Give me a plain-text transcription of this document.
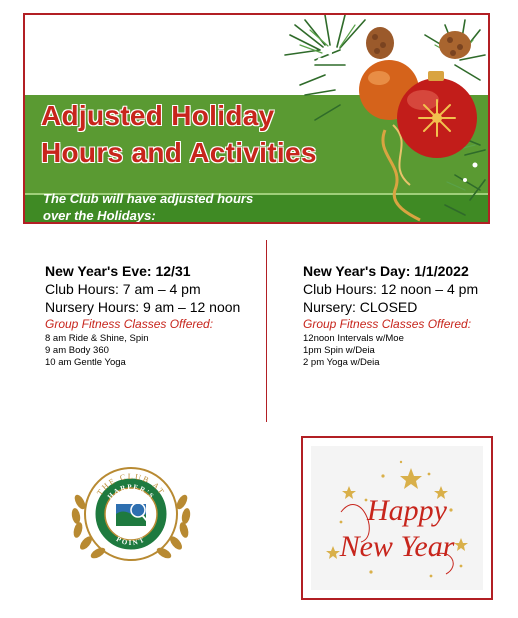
Adjusted Holiday
Hours and Activities
The Club will have adjusted hours
over the Holidays:
New Year's Eve: 12/31
Club Hours: 7 am – 4 pm
Nursery Hours: 9 am – 12 noon
Group Fitness Classes Offered:
8 am Ride & Shine, Spin
9 am Body 360
10 am Gentle Yoga
New Year's Day: 1/1/2022
Club Hours: 12 noon – 4 pm
Nursery: CLOSED
Group Fitness Classes Offered:
12noon Intervals w/Moe
1pm Spin w/Deia
2 pm Yoga w/Deia
THE CLUB AT
HARPER'S
POINT
Happy
New Year
